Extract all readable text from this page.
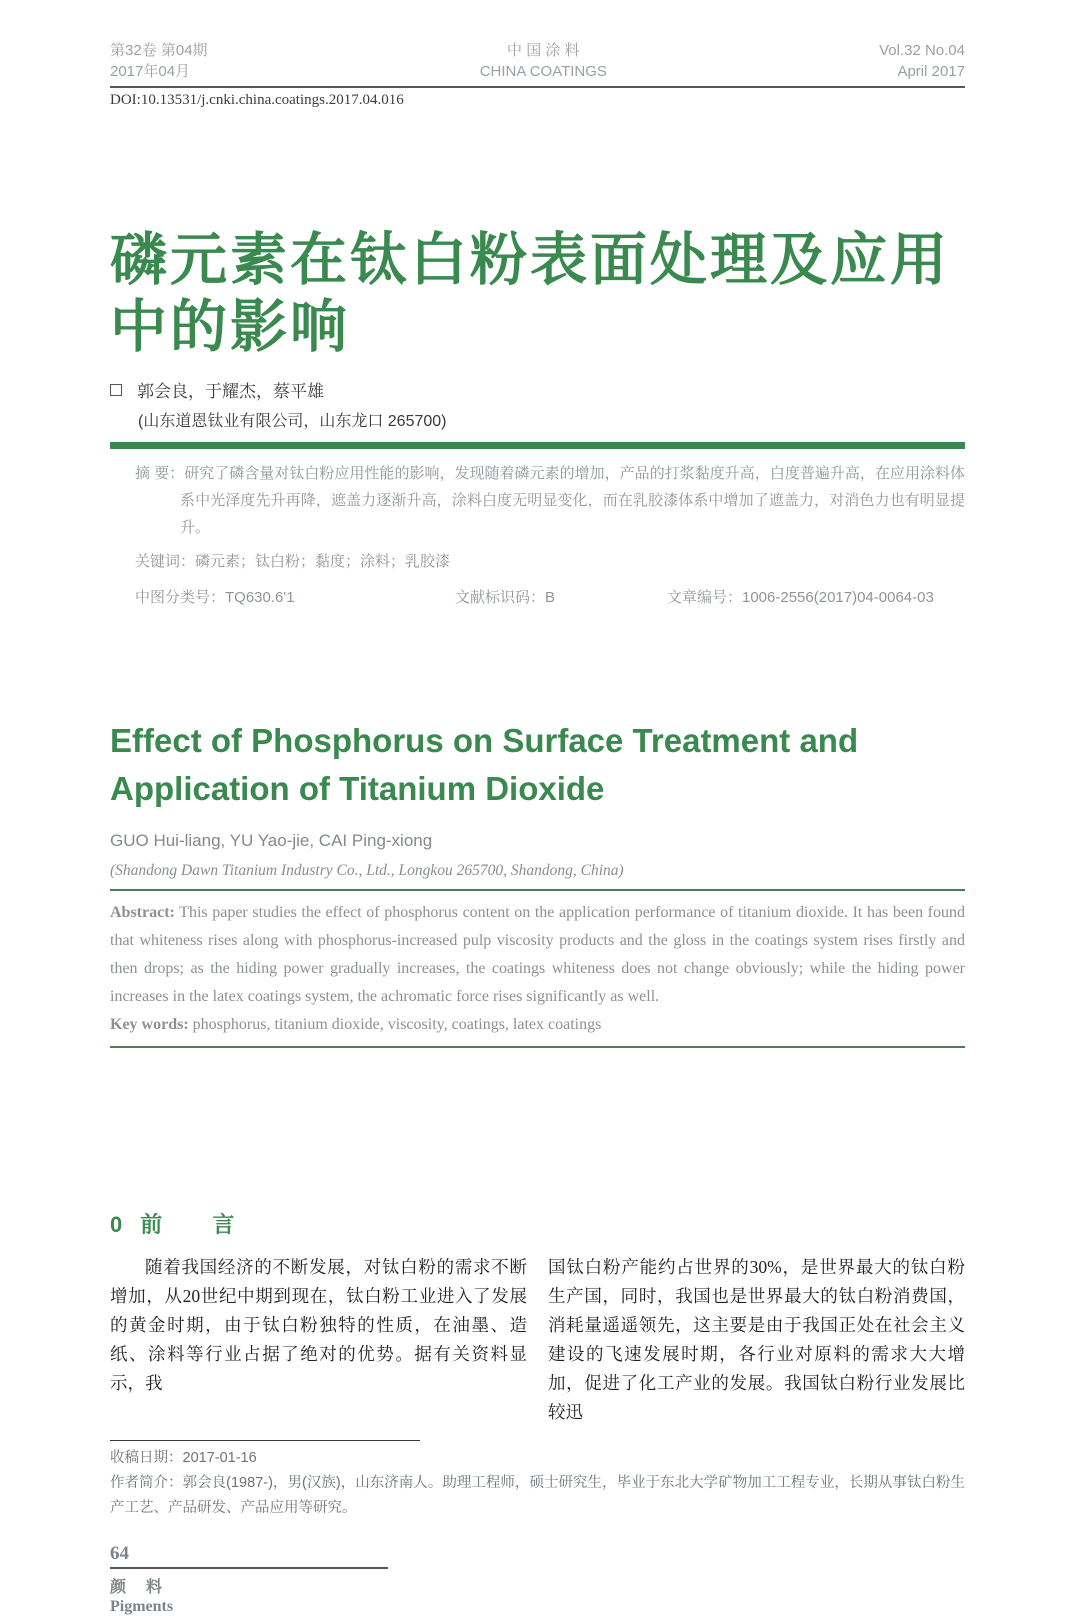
第32卷 第04期
2017年04月
中 国 涂 料
CHINA COATINGS
Vol.32 No.04
April 2017
DOI:10.13531/j.cnki.china.coatings.2017.04.016
磷元素在钛白粉表面处理及应用中的影响
郭会良，于耀杰，蔡平雄
(山东道恩钛业有限公司，山东龙口 265700)

摘 要：研究了磷含量对钛白粉应用性能的影响，发现随着磷元素的增加，产品的打浆黏度升高，白度普遍升高，在应用涂料体系中光泽度先升再降，遮盖力逐渐升高，涂料白度无明显变化，而在乳胶漆体系中增加了遮盖力，对消色力也有明显提升。

关键词：磷元素；钛白粉；黏度；涂料；乳胶漆

中图分类号：TQ630.6'1	文献标识码：B	文章编号：1006-2556(2017)04-0064-03
Effect of Phosphorus on Surface Treatment and Application of Titanium Dioxide
GUO Hui-liang, YU Yao-jie, CAI Ping-xiong
(Shandong Dawn Titanium Industry Co., Ltd., Longkou 265700, Shandong, China)

Abstract: This paper studies the effect of phosphorus content on the application performance of titanium dioxide. It has been found that whiteness rises along with phosphorus-increased pulp viscosity products and the gloss in the coatings system rises firstly and then drops; as the hiding power gradually increases, the coatings whiteness does not change obviously; while the hiding power increases in the latex coatings system, the achromatic force rises significantly as well.

Key words: phosphorus, titanium dioxide, viscosity, coatings, latex coatings

0 前 言
随着我国经济的不断发展，对钛白粉的需求不断增加，从20世纪中期到现在，钛白粉工业进入了发展的黄金时期，由于钛白粉独特的性质，在油墨、造纸、涂料等行业占据了绝对的优势。据有关资料显示，我
国钛白粉产能约占世界的30%，是世界最大的钛白粉生产国，同时，我国也是世界最大的钛白粉消费国，消耗量遥遥领先，这主要是由于我国正处在社会主义建设的飞速发展时期，各行业对原料的需求大大增加，促进了化工产业的发展。我国钛白粉行业发展比较迅

收稿日期：2017-01-16

作者简介：郭会良(1987-)，男(汉族)，山东济南人。助理工程师，硕士研究生，毕业于东北大学矿物加工工程专业，长期从事钛白粉生产工艺、产品研发、产品应用等研究。

64
颜 料
Pigments
